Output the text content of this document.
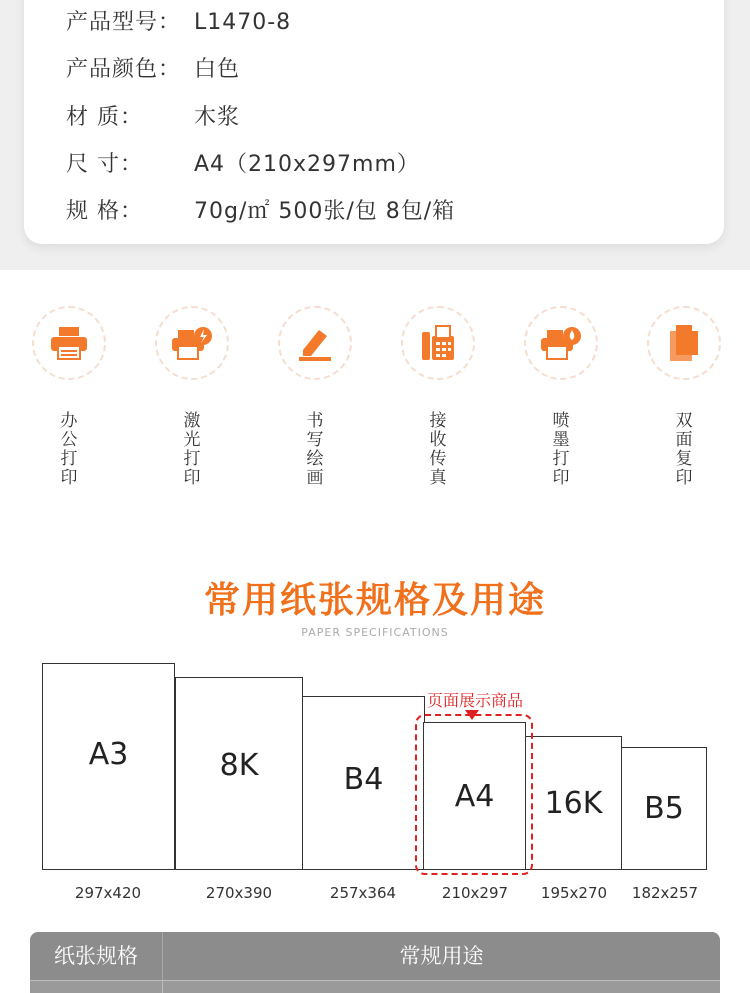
产品型号： L1470-8
产品颜色： 白色
材 质： 木浆
尺 寸： A4（210x297mm）
规 格： 70g/㎡ 500张/包 8包/箱
办公打印
激光打印
书写绘画
接收传真
喷墨打印
双面复印
常用纸张规格及用途
PAPER SPECIFICATIONS
A3	8K	B4 A4 16K B5
页面展示商品
297x420	270x390	257x364	210x297	195x270	182x257
纸张规格	常规用途
